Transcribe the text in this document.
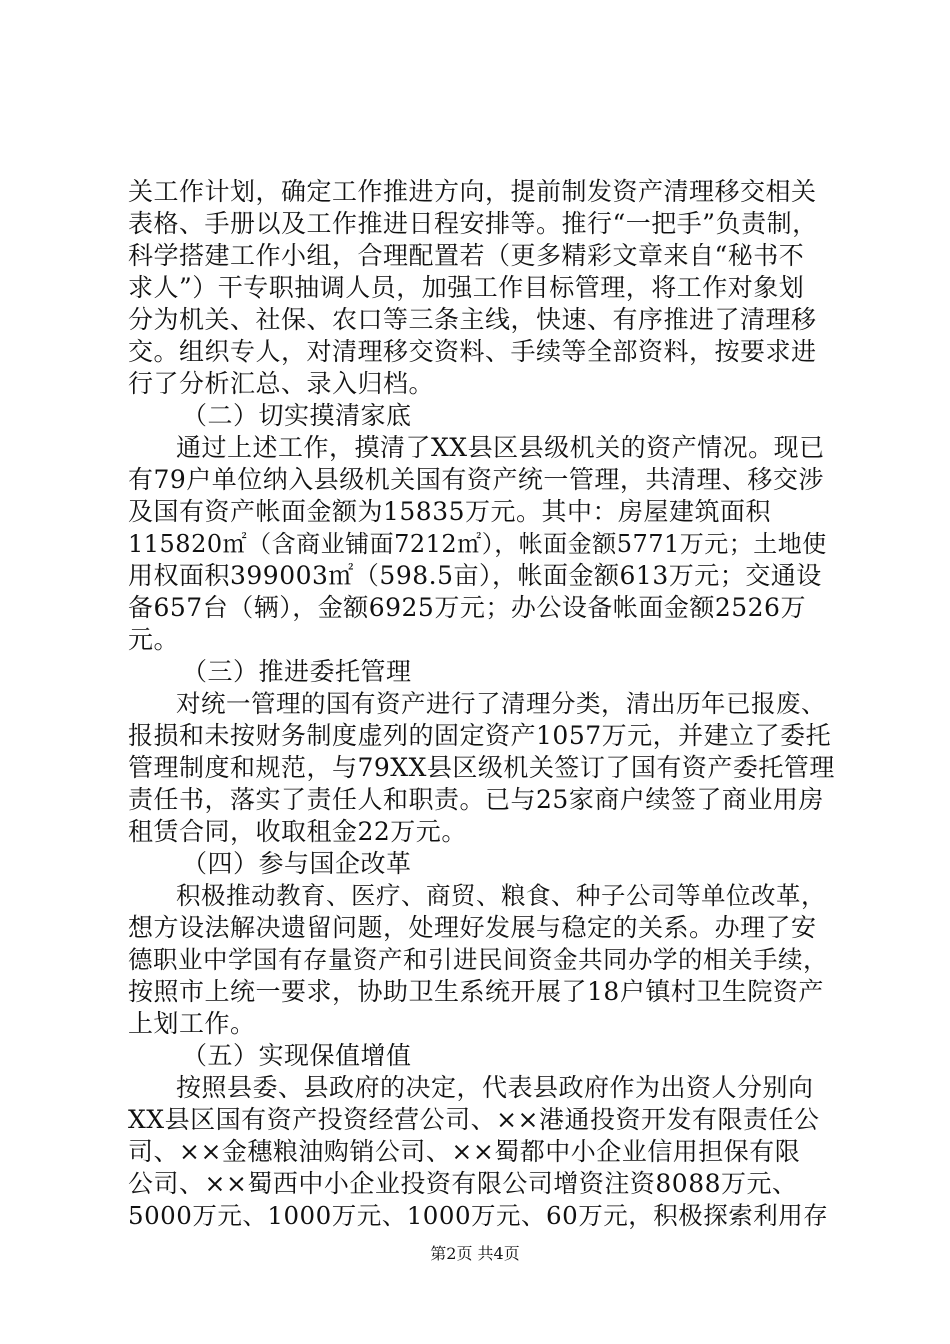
关工作计划，确定工作推进方向，提前制发资产清理移交相关
表格、手册以及工作推进日程安排等。推行“一把手”负责制，
科学搭建工作小组，合理配置若（更多精彩文章来自“秘书不
求人”）干专职抽调人员，加强工作目标管理，将工作对象划
分为机关、社保、农口等三条主线，快速、有序推进了清理移
交。组织专人，对清理移交资料、手续等全部资料，按要求进
行了分析汇总、录入归档。
（二）切实摸清家底
通过上述工作，摸清了XX县区县级机关的资产情况。现已
有79户单位纳入县级机关国有资产统一管理，共清理、移交涉
及国有资产帐面金额为15835万元。其中：房屋建筑面积
115820㎡（含商业铺面7212㎡），帐面金额5771万元；土地使
用权面积399003㎡（598.5亩），帐面金额613万元；交通设
备657台（辆），金额6925万元；办公设备帐面金额2526万
元。
（三）推进委托管理
对统一管理的国有资产进行了清理分类，清出历年已报废、
报损和未按财务制度虚列的固定资产1057万元，并建立了委托
管理制度和规范，与79XX县区级机关签订了国有资产委托管理
责任书，落实了责任人和职责。已与25家商户续签了商业用房
租赁合同，收取租金22万元。
（四）参与国企改革
积极推动教育、医疗、商贸、粮食、种子公司等单位改革，
想方设法解决遗留问题，处理好发展与稳定的关系。办理了安
德职业中学国有存量资产和引进民间资金共同办学的相关手续，
按照市上统一要求，协助卫生系统开展了18户镇村卫生院资产
上划工作。
（五）实现保值增值
按照县委、县政府的决定，代表县政府作为出资人分别向
XX县区国有资产投资经营公司、××港通投资开发有限责任公
司、××金穗粮油购销公司、××蜀都中小企业信用担保有限
公司、××蜀西中小企业投资有限公司增资注资8088万元、
5000万元、1000万元、1000万元、60万元，积极探索利用存
第2页 共4页
